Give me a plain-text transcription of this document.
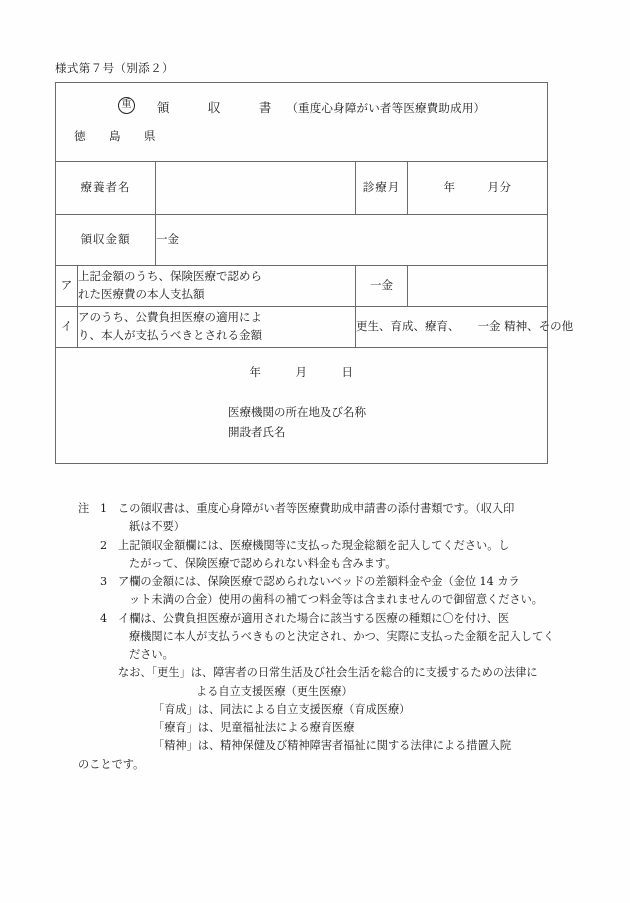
様式第７号（別添２）
重 領　収　書 （重度心身障がい者等医療費助成用）
徳　島　県				

療養者名			診療月	年 月分
領収金額		一金		
ア	上記金額のうち、保険医療で認めら
れた医療費の本人支払額		一金	
イ	アのうち、公費負担医療の適用によ
り、本人が支払うべきとされる金額		更生、育成、療育、 一金 精神、その他	

年 月 日
医療機関の所在地及び名称
開設者氏名				
注 1 この領収書は、重度心身障がい者等医療費助成申請書の添付書類です。（収入印
紙は不要）
2 上記領収金額欄には、医療機関等に支払った現金総額を記入してください。し
たがって、保険医療で認められない料金も含みます。
3 ア欄の金額には、保険医療で認められないベッドの差額料金や金（金位 14 カラ
ット未満の合金）使用の歯科の補てつ料金等は含まれませんので御留意ください。
4 イ欄は、公費負担医療が適用された場合に該当する医療の種類に〇を付け、医
療機関に本人が支払うべきものと決定され、かつ、実際に支払った金額を記入してく
ださい。
なお、「更生」は、障害者の日常生活及び社会生活を総合的に支援するための法律に
よる自立支援医療（更生医療）
「育成」は、同法による自立支援医療（育成医療）
「療育」は、児童福祉法による療育医療
「精神」は、精神保健及び精神障害者福祉に関する法律による措置入院
のことです。
